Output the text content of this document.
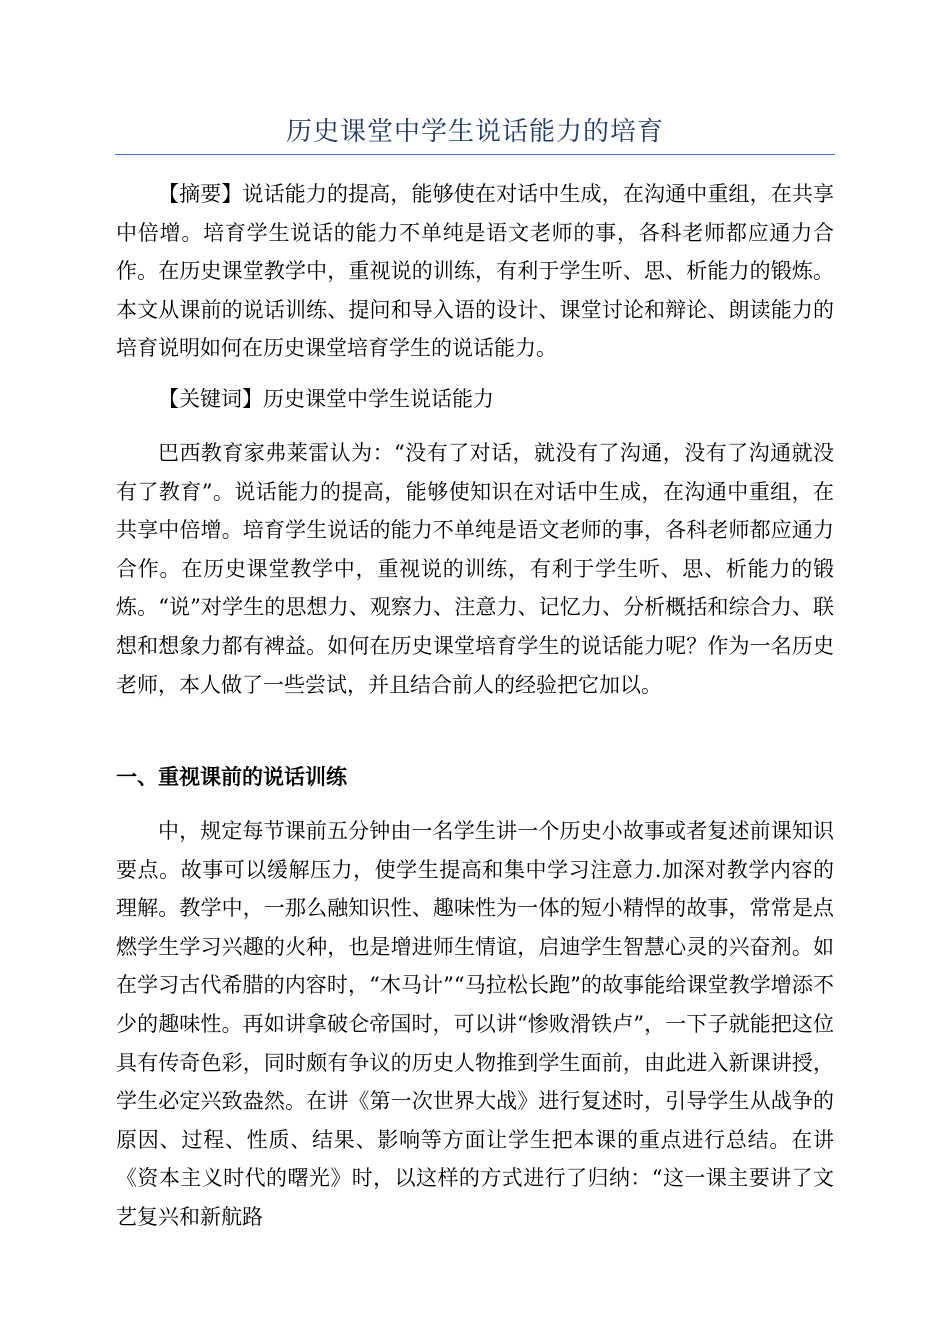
历史课堂中学生说话能力的培育

【摘要】说话能力的提高，能够使在对话中生成，在沟通中重组，在共享中倍增。培育学生说话的能力不单纯是语文老师的事，各科老师都应通力合作。在历史课堂教学中，重视说的训练，有利于学生听、思、析能力的锻炼。本文从课前的说话训练、提问和导入语的设计、课堂讨论和辩论、朗读能力的培育说明如何在历史课堂培育学生的说话能力。

【关键词】历史课堂中学生说话能力

巴西教育家弗莱雷认为：“没有了对话，就没有了沟通，没有了沟通就没有了教育”。说话能力的提高，能够使知识在对话中生成，在沟通中重组，在共享中倍增。培育学生说话的能力不单纯是语文老师的事，各科老师都应通力合作。在历史课堂教学中，重视说的训练，有利于学生听、思、析能力的锻炼。“说”对学生的思想力、观察力、注意力、记忆力、分析概括和综合力、联想和想象力都有裨益。如何在历史课堂培育学生的说话能力呢？作为一名历史老师，本人做了一些尝试，并且结合前人的经验把它加以。

一、重视课前的说话训练

中，规定每节课前五分钟由一名学生讲一个历史小故事或者复述前课知识要点。故事可以缓解压力，使学生提高和集中学习注意力.加深对教学内容的理解。教学中，一那么融知识性、趣味性为一体的短小精悍的故事，常常是点燃学生学习兴趣的火种，也是增进师生情谊，启迪学生智慧心灵的兴奋剂。如在学习古代希腊的内容时，“木马计”“马拉松长跑”的故事能给课堂教学增添不少的趣味性。再如讲拿破仑帝国时，可以讲“惨败滑铁卢”，一下子就能把这位具有传奇色彩，同时颇有争议的历史人物推到学生面前，由此进入新课讲授，学生必定兴致盎然。在讲《第一次世界大战》进行复述时，引导学生从战争的原因、过程、性质、结果、影响等方面让学生把本课的重点进行总结。在讲《资本主义时代的曙光》时，以这样的方式进行了归纳：“这一课主要讲了文艺复兴和新航路
